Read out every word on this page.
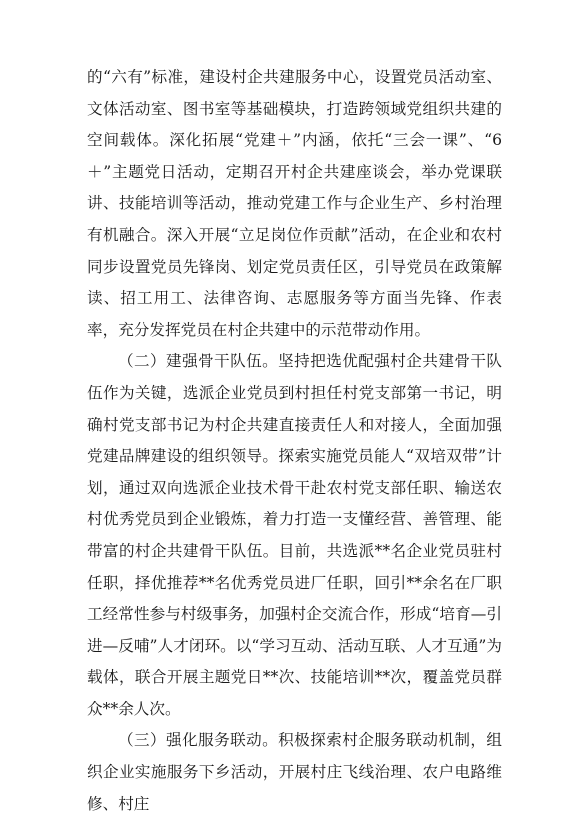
的“六有”标准，建设村企共建服务中心，设置党员活动室、文体活动室、图书室等基础模块，打造跨领域党组织共建的空间载体。深化拓展“党建＋”内涵，依托“三会一课”、“6＋”主题党日活动，定期召开村企共建座谈会，举办党课联讲、技能培训等活动，推动党建工作与企业生产、乡村治理有机融合。深入开展“立足岗位作贡献”活动，在企业和农村同步设置党员先锋岗、划定党员责任区，引导党员在政策解读、招工用工、法律咨询、志愿服务等方面当先锋、作表率，充分发挥党员在村企共建中的示范带动作用。

（二）建强骨干队伍。坚持把选优配强村企共建骨干队伍作为关键，选派企业党员到村担任村党支部第一书记，明确村党支部书记为村企共建直接责任人和对接人，全面加强党建品牌建设的组织领导。探索实施党员能人“双培双带”计划，通过双向选派企业技术骨干赴农村党支部任职、输送农村优秀党员到企业锻炼，着力打造一支懂经营、善管理、能带富的村企共建骨干队伍。目前，共选派**名企业党员驻村任职，择优推荐**名优秀党员进厂任职，回引**余名在厂职工经常性参与村级事务，加强村企交流合作，形成“培育—引进—反哺”人才闭环。以“学习互动、活动互联、人才互通”为载体，联合开展主题党日**次、技能培训**次，覆盖党员群众**余人次。

（三）强化服务联动。积极探索村企服务联动机制，组织企业实施服务下乡活动，开展村庄飞线治理、农户电路维修、村庄
